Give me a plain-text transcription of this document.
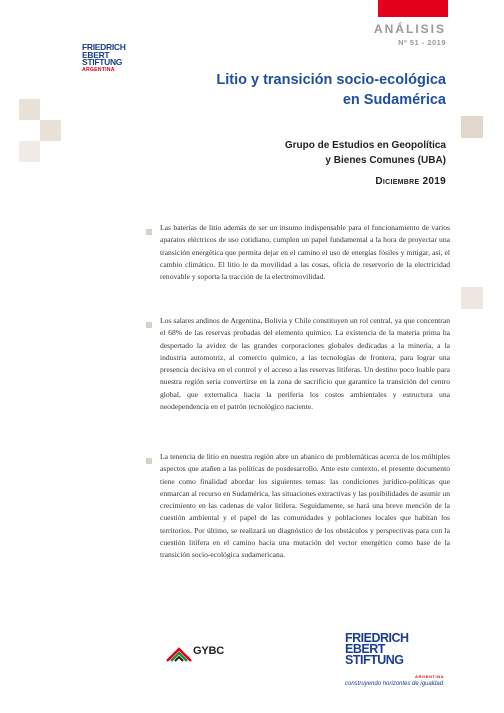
ANÁLISIS
Nº 51 - 2019
FRIEDRICH
EBERT
STIFTUNG
ARGENTINA
Litio y transición socio-ecológica
en Sudamérica
Grupo de Estudios en Geopolítica
y Bienes Comunes (UBA)
Diciembre 2019
Las baterías de litio además de ser un insumo indispensable para el funcionamiento de varios aparatos eléctricos de uso cotidiano, cumplen un papel fundamental a la hora de proyectar una transición energética que permita dejar en el camino el uso de energías fósiles y mitigar, así, el cambio climático. El litio le da movilidad a las cosas, oficia de reservorio de la electricidad renovable y soporta la tracción de la electromovilidad.
Los salares andinos de Argentina, Bolivia y Chile constituyen un rol central, ya que concentran el 68% de las reservas probadas del elemento químico. La existencia de la materia prima ha despertado la avidez de las grandes corporaciones globales dedicadas a la minería, a la industria automotriz, al comercio químico, a las tecnologías de frontera, para lograr una presencia decisiva en el control y el acceso a las reservas litíferas. Un destino poco loable para nuestra región sería convertirse en la zona de sacrificio que garantice la transición del centro global, que externalica hacia la periferia los costos ambientales y estructura una neodependencia en el patrón tecnológico naciente.
La tenencia de litio en nuestra región abre un abanico de problemáticas acerca de los múltiples aspectos que atañen a las políticas de posdesarrollo. Ante este contexto, el presente documento tiene como finalidad abordar los siguientes temas: las condiciones jurídico-políticas que enmarcan al recurso en Sudamérica, las situaciones extractivas y las posibilidades de asumir un crecimiento en las cadenas de valor litífera. Seguidamente, se hará una breve mención de la cuestión ambiental y el papel de las comunidades y poblaciones locales que habitan los territorios. Por último, se realizará un diagnóstico de los obstáculos y perspectivas para con la cuestión litífera en el camino hacia una mutación del vector energético como base de la transición socio-ecológica sudamericana.
GYBC
FRIEDRICH
EBERT
STIFTUNG
ARGENTINA
construyendo horizontes de igualdad
